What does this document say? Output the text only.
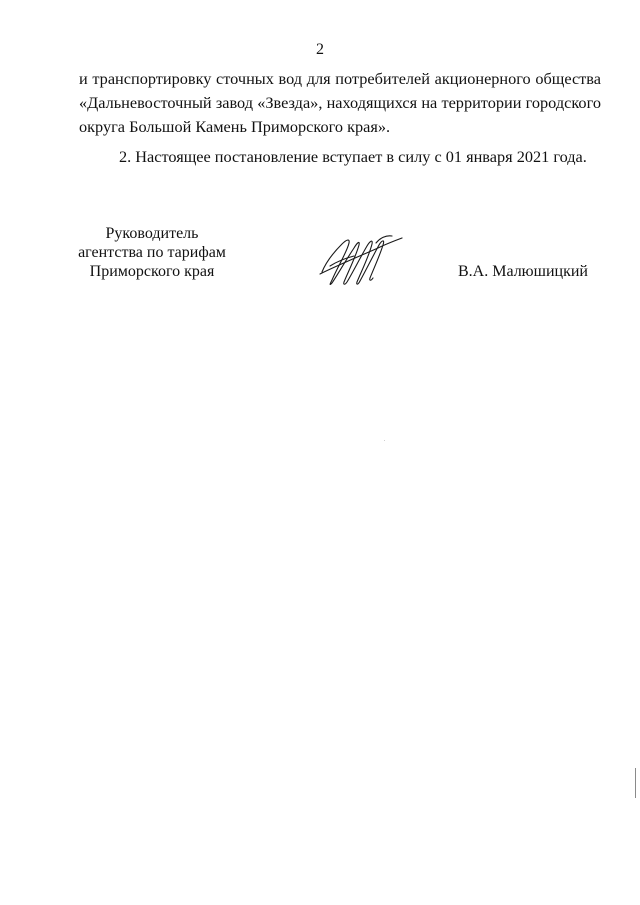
2

и транспортировку сточных вод для потребителей акционерного общества «Дальневосточный завод «Звезда», находящихся на территории городского округа Большой Камень Приморского края».

2. Настоящее постановление вступает в силу с 01 января 2021 года.

Руководитель
агентства по тарифам
Приморского края	В.А. Малюшицкий
